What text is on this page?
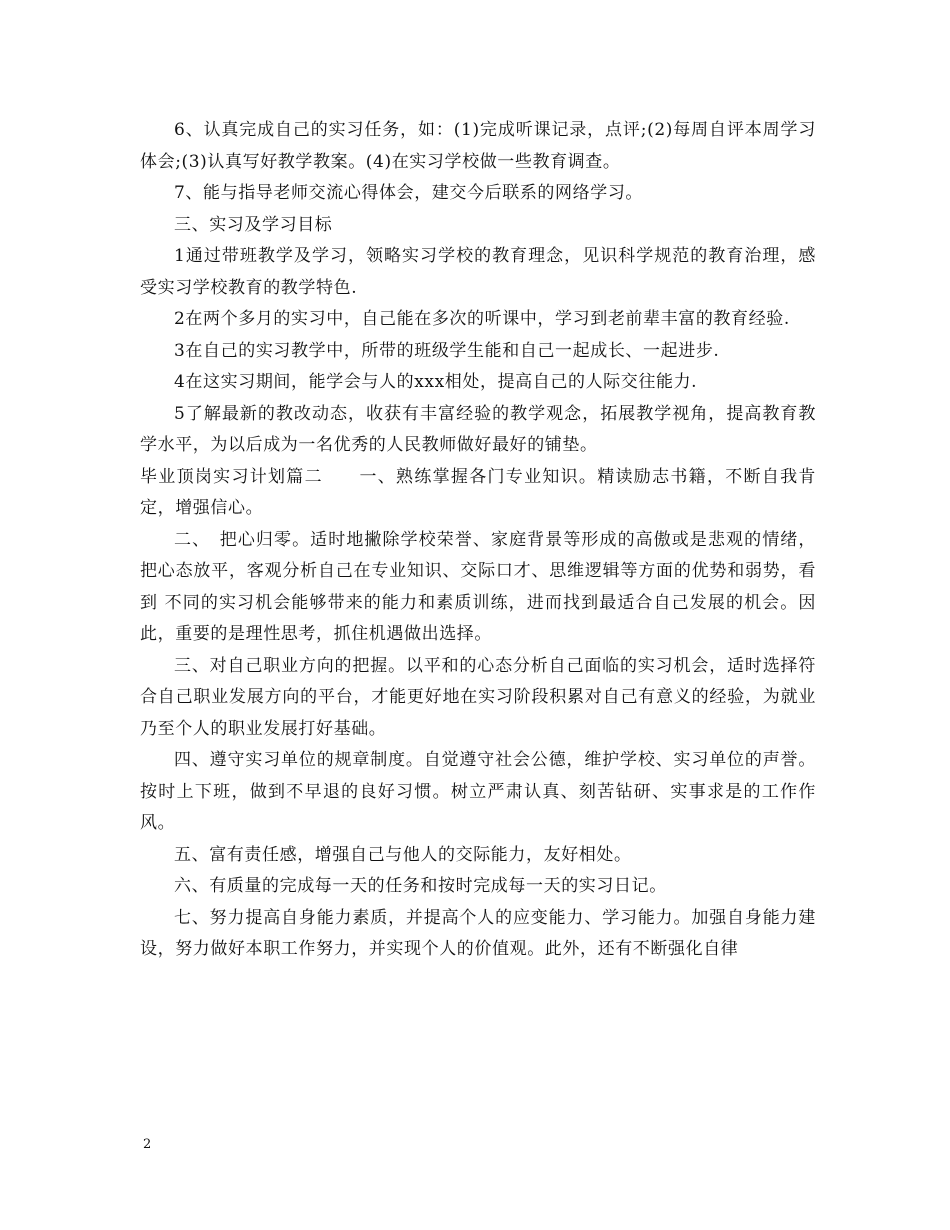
6、认真完成自己的实习任务，如：(1)完成听课记录，点评;(2)每周自评本周学习体会;(3)认真写好教学教案。(4)在实习学校做一些教育调查。

7、能与指导老师交流心得体会，建交今后联系的网络学习。

三、实习及学习目标

1通过带班教学及学习，领略实习学校的教育理念，见识科学规范的教育治理，感受实习学校教育的教学特色.

2在两个多月的实习中，自己能在多次的听课中，学习到老前辈丰富的教育经验.

3在自己的实习教学中，所带的班级学生能和自己一起成长、一起进步.

4在这实习期间，能学会与人的xxx相处，提高自己的人际交往能力.

5了解最新的教改动态，收获有丰富经验的教学观念，拓展教学视角，提高教育教学水平，为以后成为一名优秀的人民教师做好最好的铺垫。

毕业顶岗实习计划篇二　　一、熟练掌握各门专业知识。精读励志书籍，不断自我肯定，增强信心。

二、　把心归零。适时地撇除学校荣誉、家庭背景等形成的高傲或是悲观的情绪，把心态放平，客观分析自己在专业知识、交际口才、思维逻辑等方面的优势和弱势，看到 不同的实习机会能够带来的能力和素质训练，进而找到最适合自己发展的机会。因此，重要的是理性思考，抓住机遇做出选择。

三、对自己职业方向的把握。以平和的心态分析自己面临的实习机会，适时选择符合自己职业发展方向的平台，才能更好地在实习阶段积累对自己有意义的经验，为就业乃至个人的职业发展打好基础。

四、遵守实习单位的规章制度。自觉遵守社会公德，维护学校、实习单位的声誉。按时上下班，做到不早退的良好习惯。树立严肃认真、刻苦钻研、实事求是的工作作风。

五、富有责任感，增强自己与他人的交际能力，友好相处。

六、有质量的完成每一天的任务和按时完成每一天的实习日记。

七、努力提高自身能力素质，并提高个人的应变能力、学习能力。加强自身能力建设，努力做好本职工作努力，并实现个人的价值观。此外，还有不断强化自律

2
